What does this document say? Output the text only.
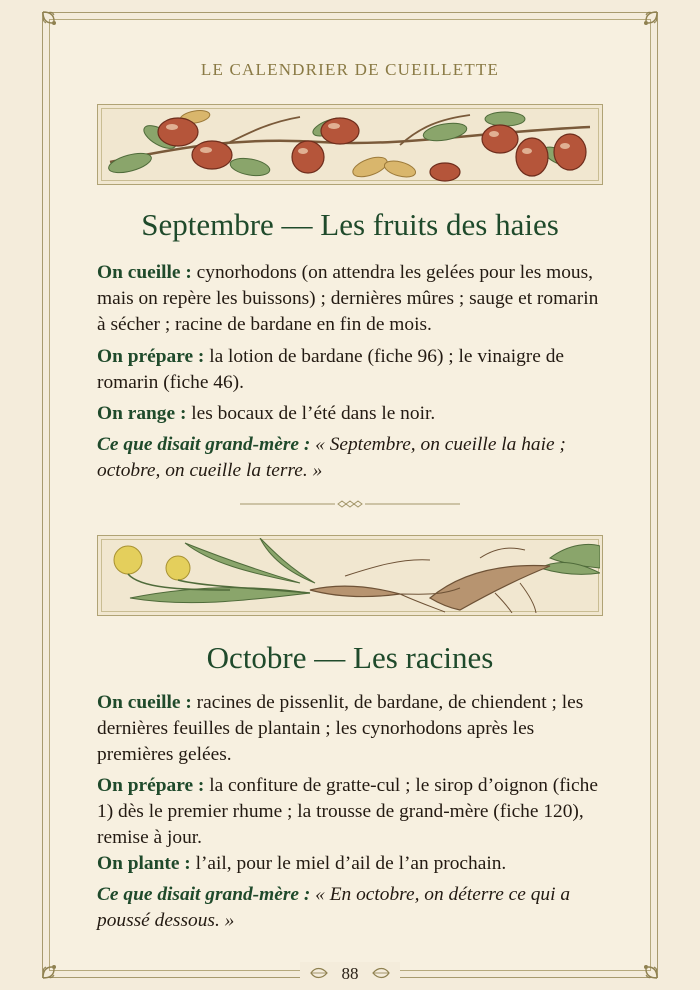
LE CALENDRIER DE CUEILLETTE
Septembre — Les fruits des haies

On cueille : cynorhodons (on attendra les gelées pour les mous, mais on repère les buissons) ; dernières mûres ; sauge et romarin à sécher ; racine de bardane en fin de mois.

On prépare : la lotion de bardane (fiche 96) ; le vinaigre de romarin (fiche 46).

On range : les bocaux de l’été dans le noir.

Ce que disait grand-mère : « Septembre, on cueille la haie ; octobre, on cueille la terre. »

Octobre — Les racines

On cueille : racines de pissenlit, de bardane, de chiendent ; les dernières feuilles de plantain ; les cynorhodons après les premières gelées.

On prépare : la confiture de gratte-cul ; le sirop d’oignon (fiche 1) dès le premier rhume ; la trousse de grand-mère (fiche 120), remise à jour.

On plante : l’ail, pour le miel d’ail de l’an prochain.

Ce que disait grand-mère : « En octobre, on déterre ce qui a poussé dessous. »

88
